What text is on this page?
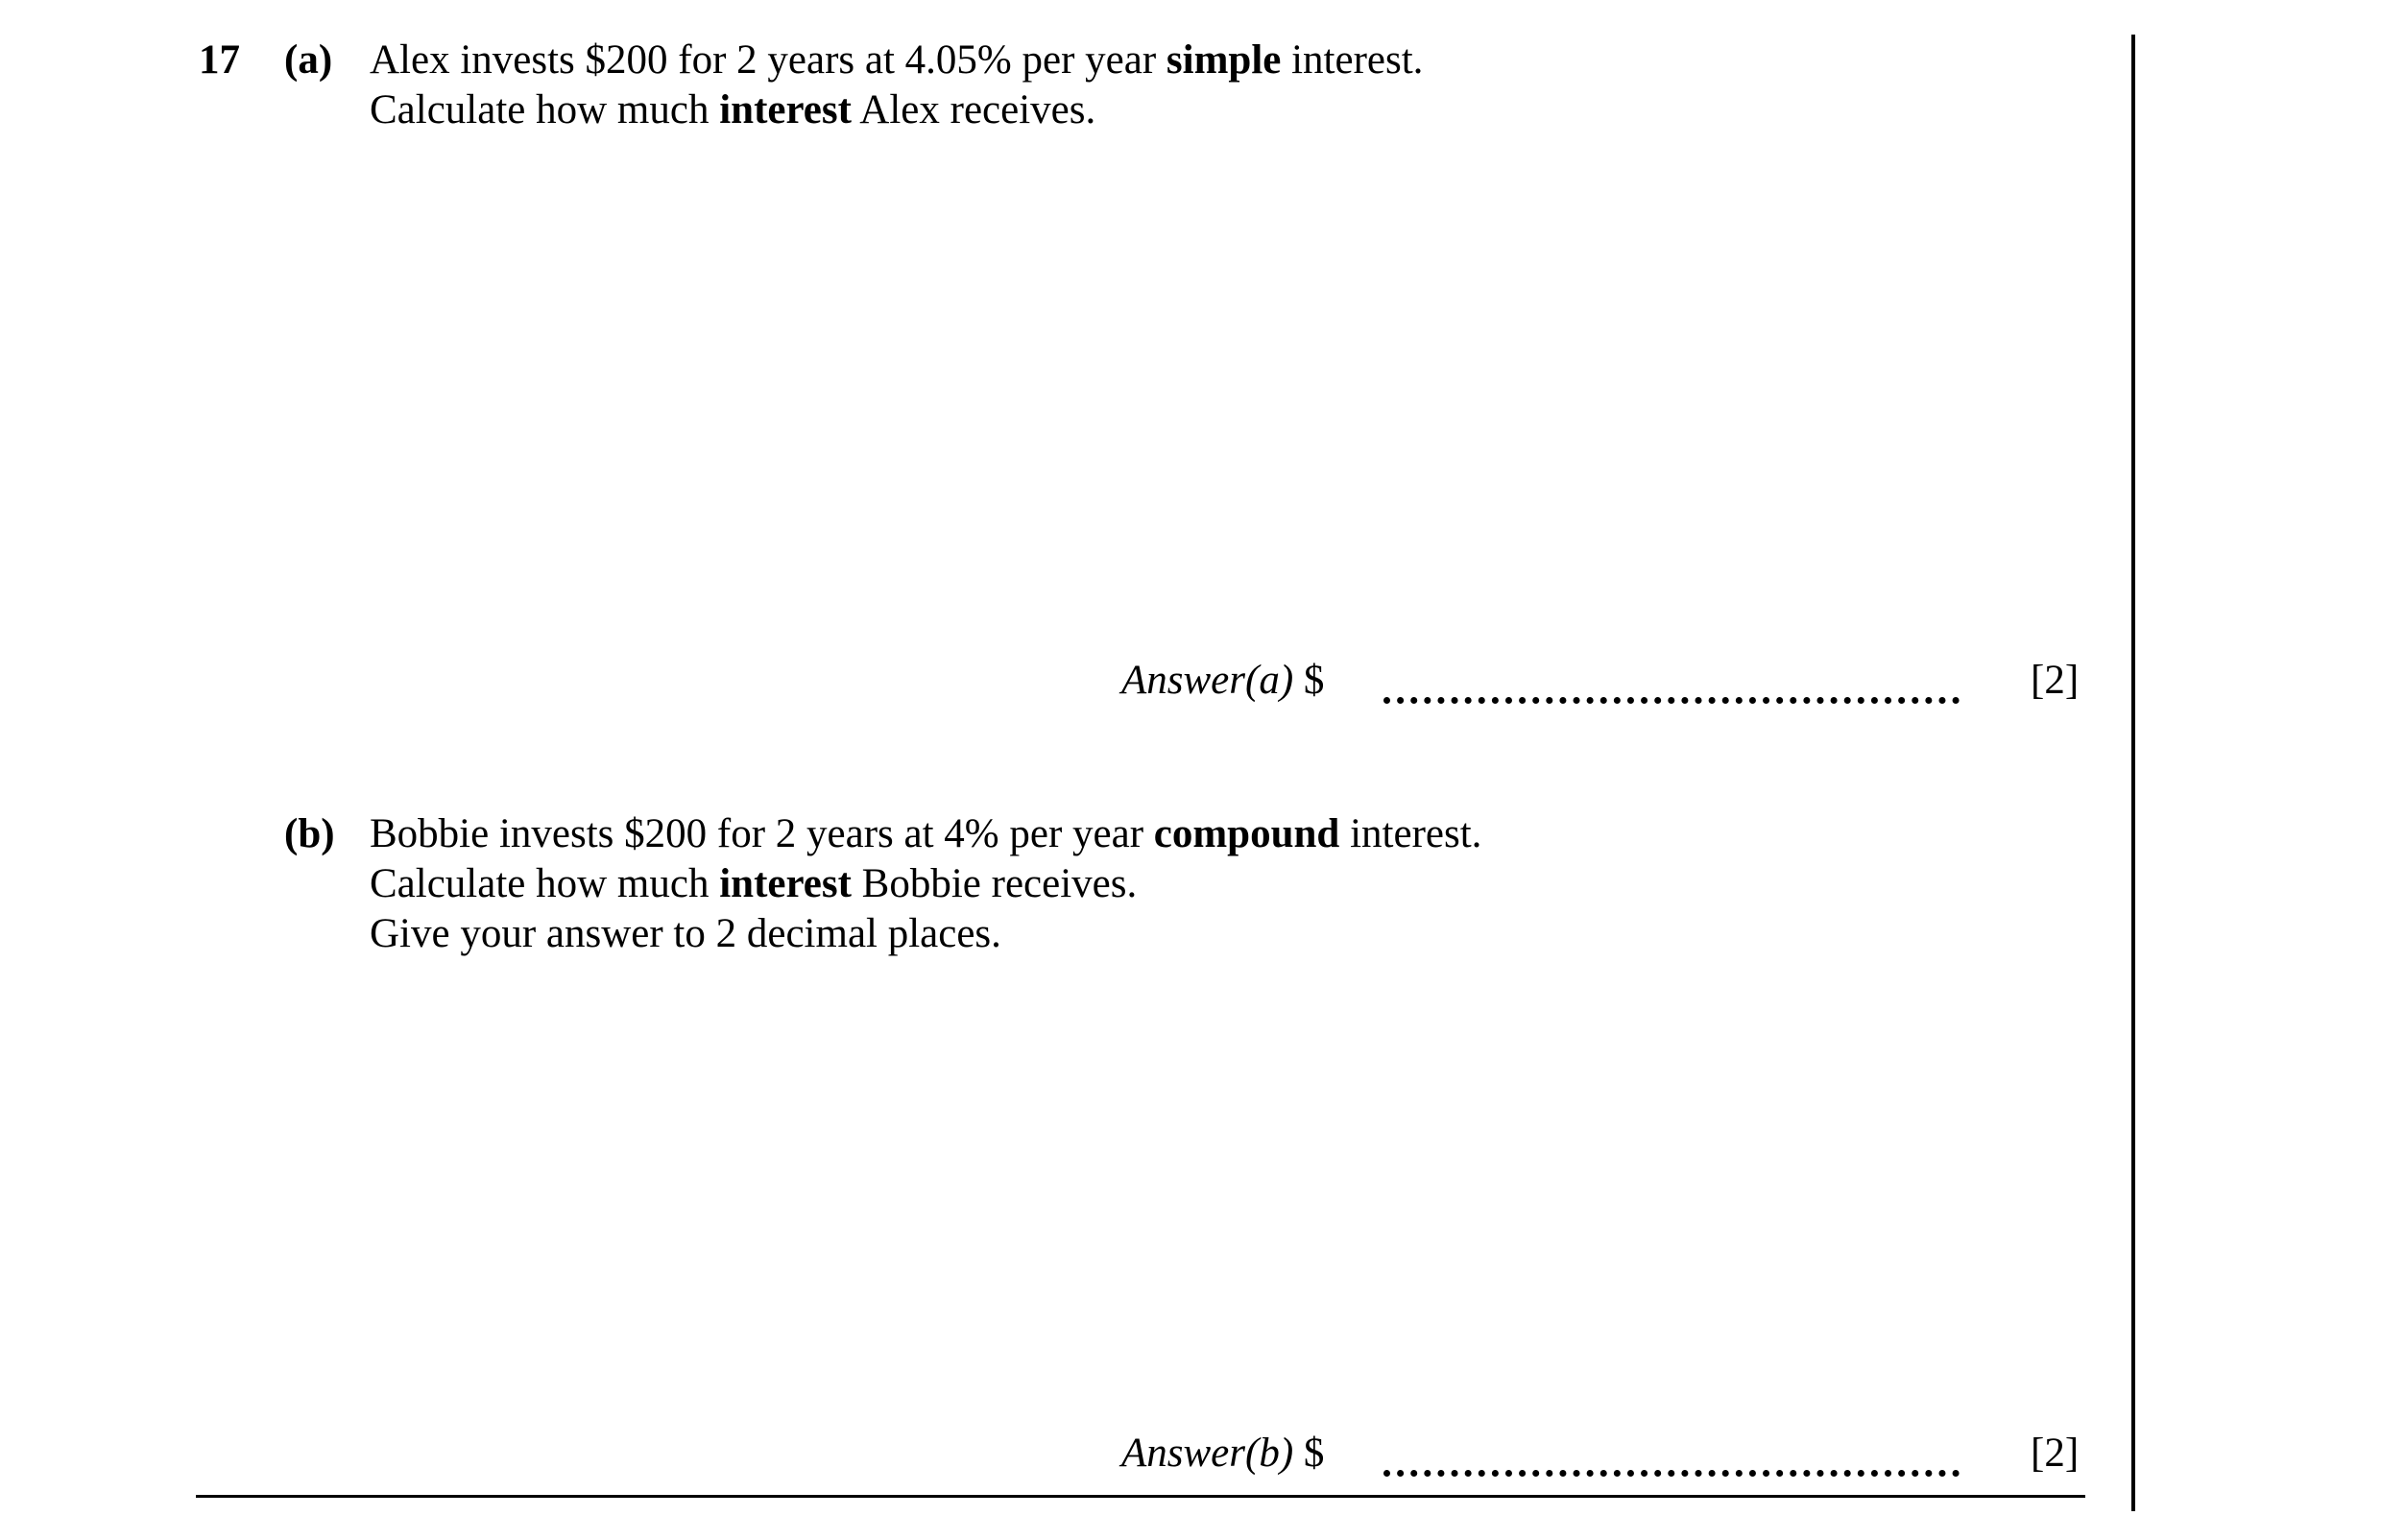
17 (a) Alex invests $200 for 2 years at 4.05% per year simple interest.
Calculate how much interest Alex receives.
Answer(a) $	[2]
(b) Bobbie invests $200 for 2 years at 4% per year compound interest.
Calculate how much interest Bobbie receives.
Give your answer to 2 decimal places.
Answer(b) $	[2]
